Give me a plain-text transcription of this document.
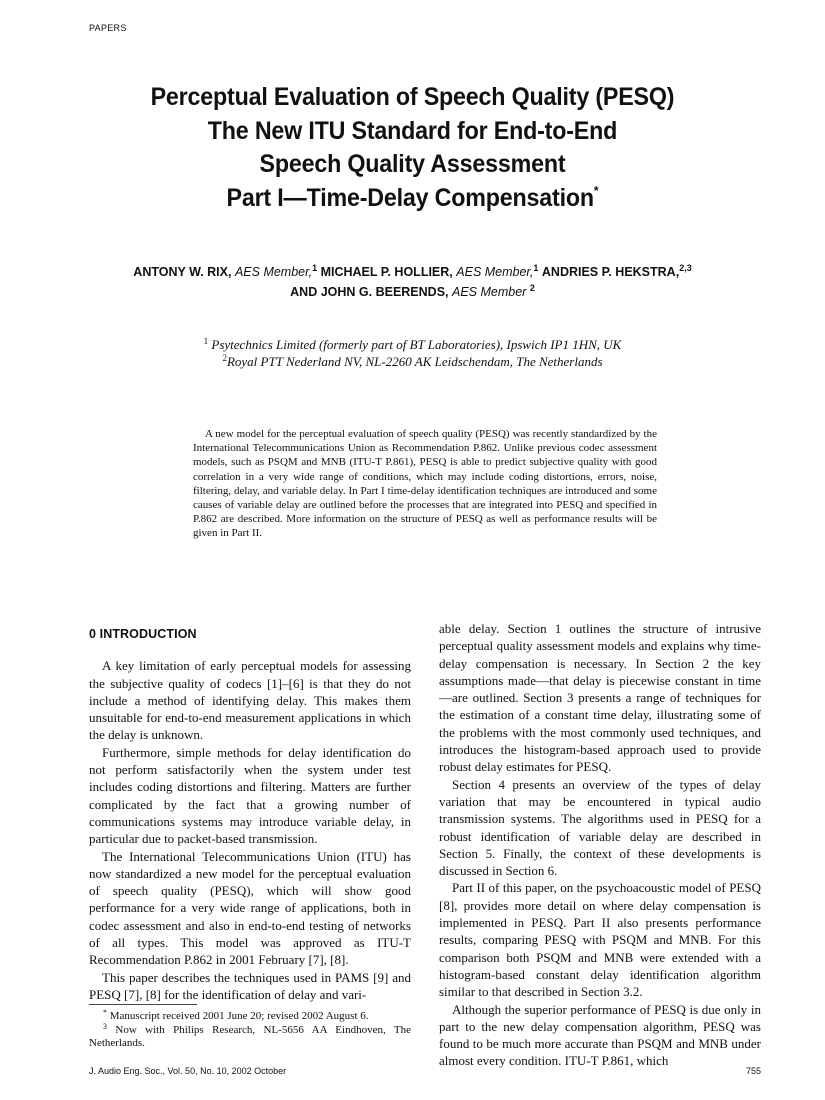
PAPERS
Perceptual Evaluation of Speech Quality (PESQ)
The New ITU Standard for End-to-End
Speech Quality Assessment
Part I—Time-Delay Compensation*
ANTONY W. RIX, AES Member,$^1$ MICHAEL P. HOLLIER, AES Member,$^1$ ANDRIES P. HEKSTRA,$^{2,3}$
AND JOHN G. BEERENDS, AES Member $^2$
$^1$ Psytechnics Limited (formerly part of BT Laboratories), Ipswich IP1 1HN, UK
$^2$Royal PTT Nederland NV, NL-2260 AK Leidschendam, The Netherlands

A new model for the perceptual evaluation of speech quality (PESQ) was recently standardized by the International Telecommunications Union as Recommendation P.862. Unlike previous codec assessment models, such as PSQM and MNB (ITU-T P.861), PESQ is able to predict subjective quality with good correlation in a very wide range of conditions, which may include coding distortions, errors, noise, filtering, delay, and variable delay. In Part I time-delay identification techniques are introduced and some causes of variable delay are outlined before the processes that are integrated into PESQ and specified in P.862 are described. More information on the structure of PESQ as well as performance results will be given in Part II.

0 INTRODUCTION

A key limitation of early perceptual models for assessing the subjective quality of codecs [1]–[6] is that they do not include a method of identifying delay. This makes them unsuitable for end-to-end measurement applications in which the delay is unknown.

Furthermore, simple methods for delay identification do not perform satisfactorily when the system under test includes coding distortions and filtering. Matters are further complicated by the fact that a growing number of communications systems may introduce variable delay, in particular due to packet-based transmission.

The International Telecommunications Union (ITU) has now standardized a new model for the perceptual evaluation of speech quality (PESQ), which will show good performance for a very wide range of applications, both in codec assessment and also in end-to-end testing of networks of all types. This model was approved as ITU-T Recommendation P.862 in 2001 February [7], [8].

This paper describes the techniques used in PAMS [9] and PESQ [7], [8] for the identification of delay and vari-

able delay. Section 1 outlines the structure of intrusive perceptual quality assessment models and explains why time-delay compensation is necessary. In Section 2 the key assumptions made—that delay is piecewise constant in time—are outlined. Section 3 presents a range of techniques for the estimation of a constant time delay, illustrating some of the problems with the most commonly used techniques, and introduces the histogram-based approach used to provide robust delay estimates for PESQ.

Section 4 presents an overview of the types of delay variation that may be encountered in typical audio transmission systems. The algorithms used in PESQ for a robust identification of variable delay are described in Section 5. Finally, the context of these developments is discussed in Section 6.

Part II of this paper, on the psychoacoustic model of PESQ [8], provides more detail on where delay compensation is implemented in PESQ. Part II also presents performance results, comparing PESQ with PSQM and MNB. For this comparison both PSQM and MNB were extended with a histogram-based constant delay identification algorithm similar to that described in Section 3.2.

Although the superior performance of PESQ is due only in part to the new delay compensation algorithm, PESQ was found to be much more accurate than PSQM and MNB under almost every condition. ITU-T P.861, which

* Manuscript received 2001 June 20; revised 2002 August 6.

$^3$ Now with Philips Research, NL-5656 AA Eindhoven, The Netherlands.

J. Audio Eng. Soc., Vol. 50, No. 10, 2002 October	755
